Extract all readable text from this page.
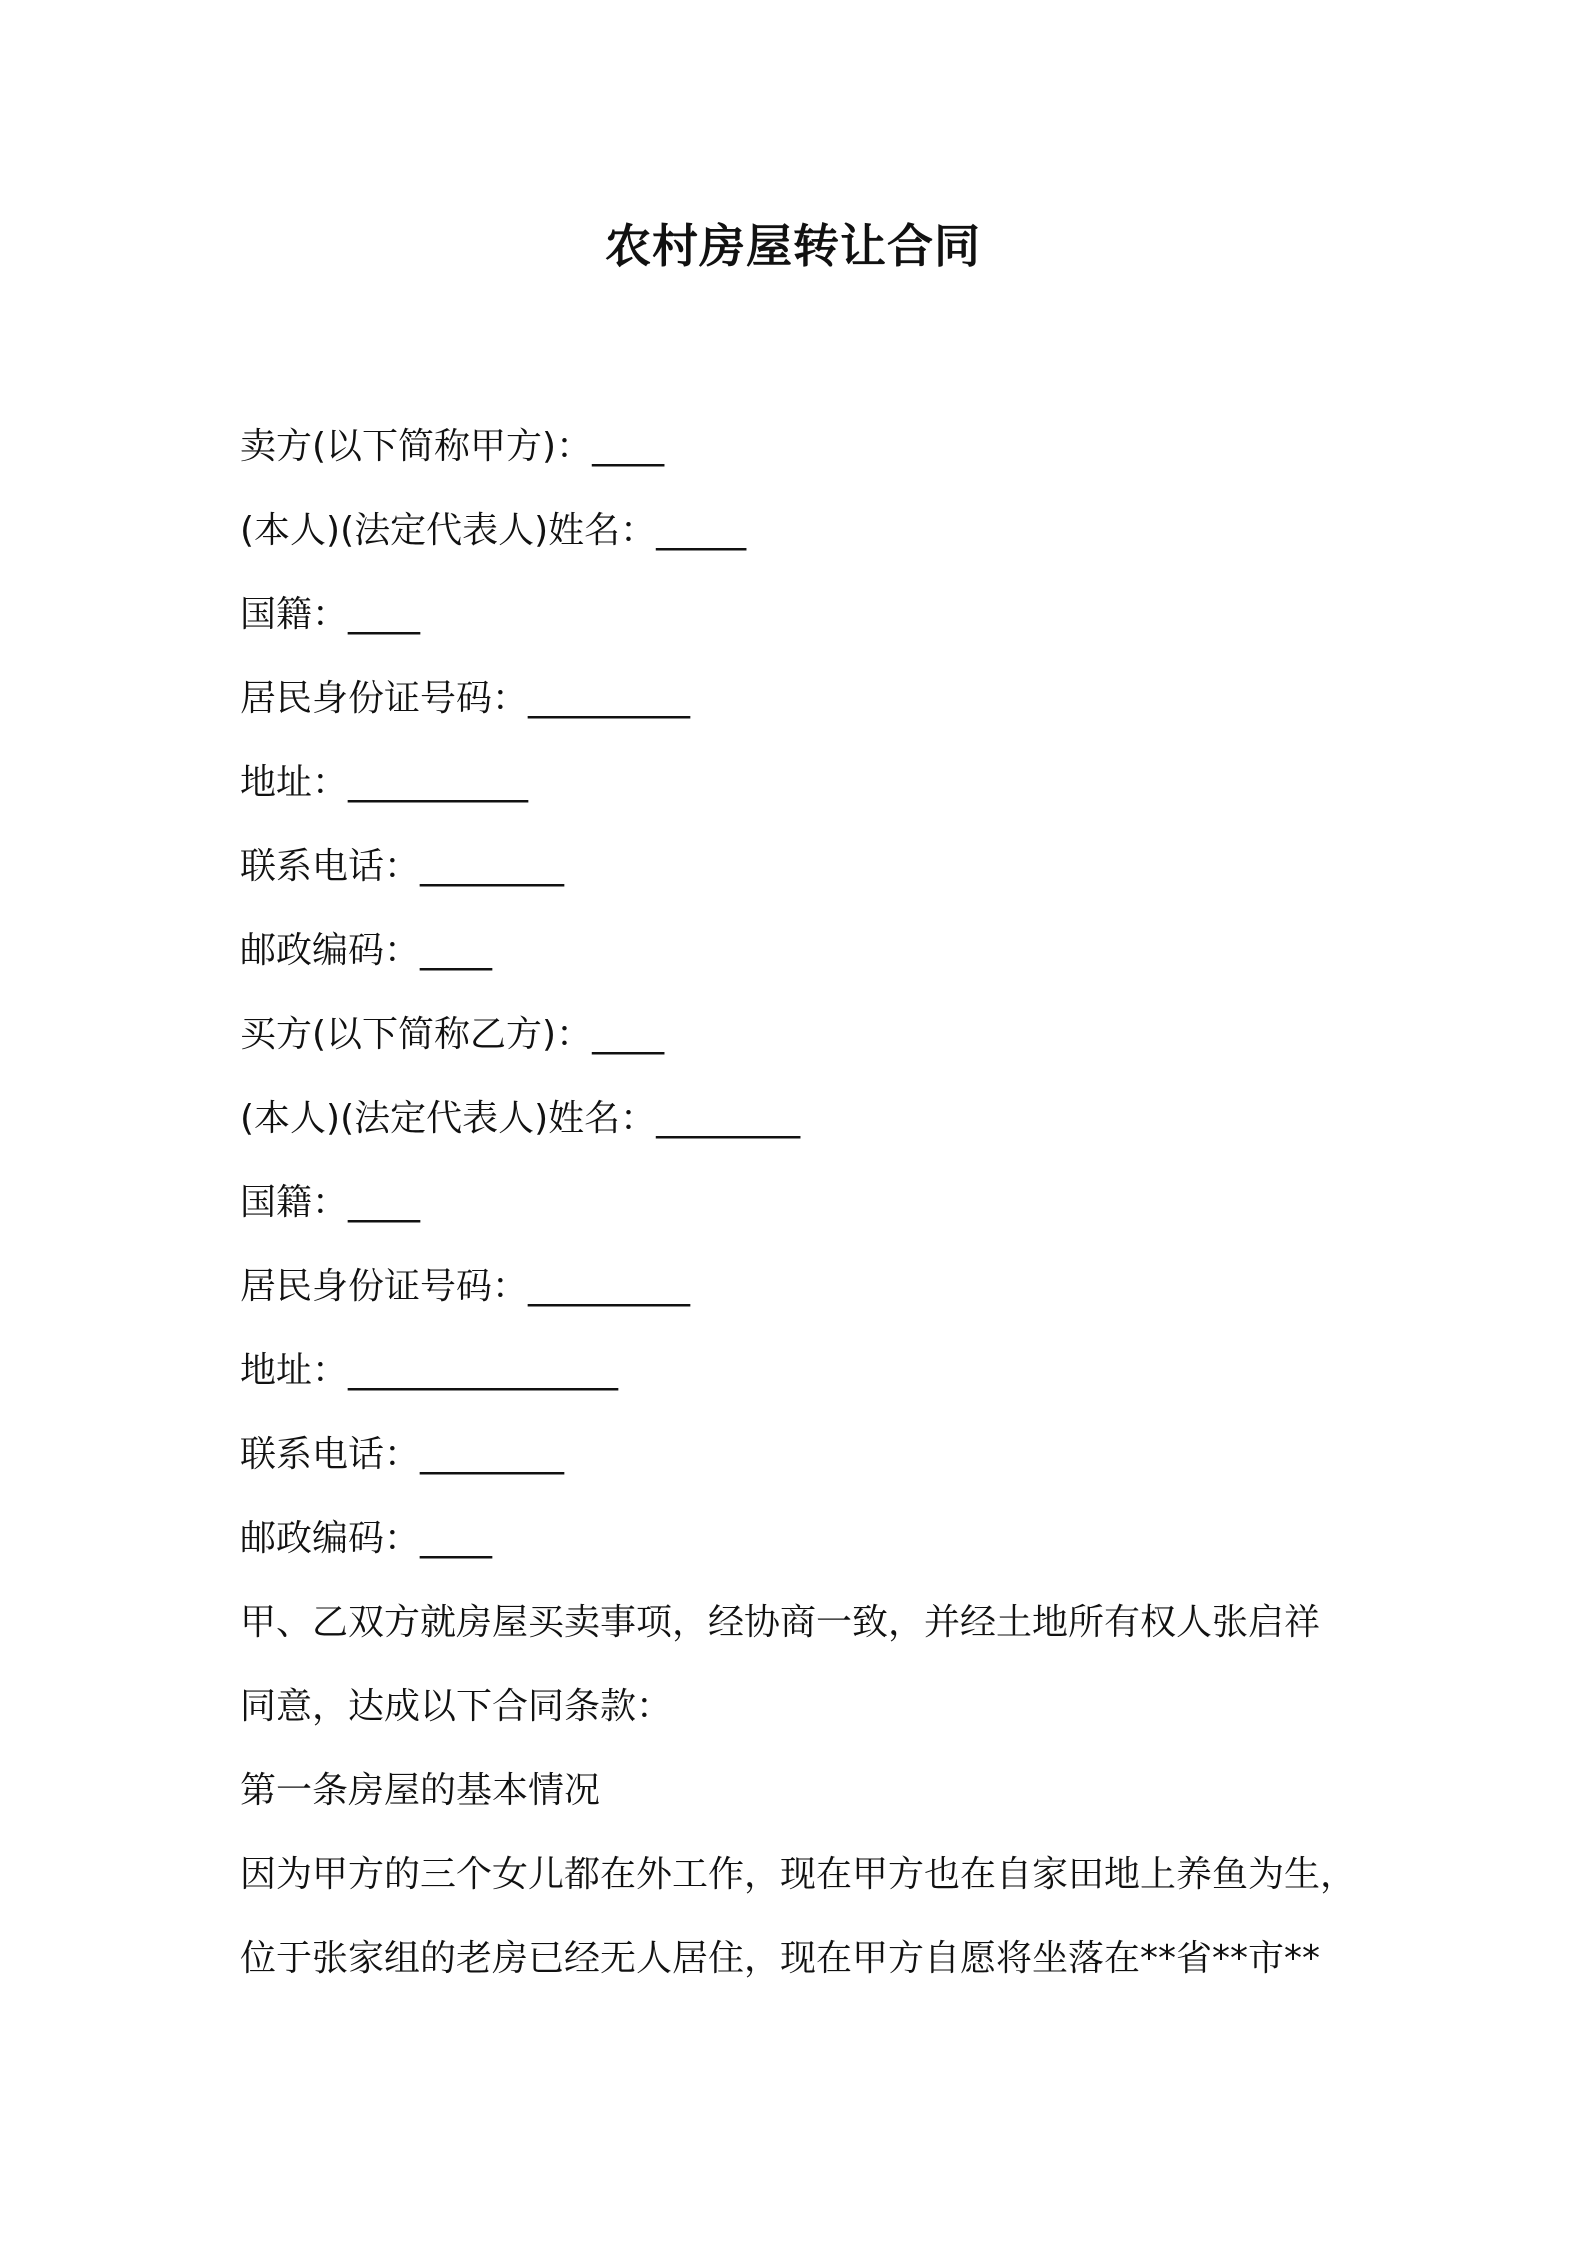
农村房屋转让合同
卖方(以下简称甲方)：____
(本人)(法定代表人)姓名：_____
国籍：____
居民身份证号码：_________
地址：__________
联系电话：________
邮政编码：____
买方(以下简称乙方)：____
(本人)(法定代表人)姓名：________
国籍：____
居民身份证号码：_________
地址：_______________
联系电话：________
邮政编码：____
甲、乙双方就房屋买卖事项，经协商一致，并经土地所有权人张启祥
同意，达成以下合同条款：
第一条房屋的基本情况
因为甲方的三个女儿都在外工作，现在甲方也在自家田地上养鱼为生，
位于张家组的老房已经无人居住，现在甲方自愿将坐落在**省**市**
